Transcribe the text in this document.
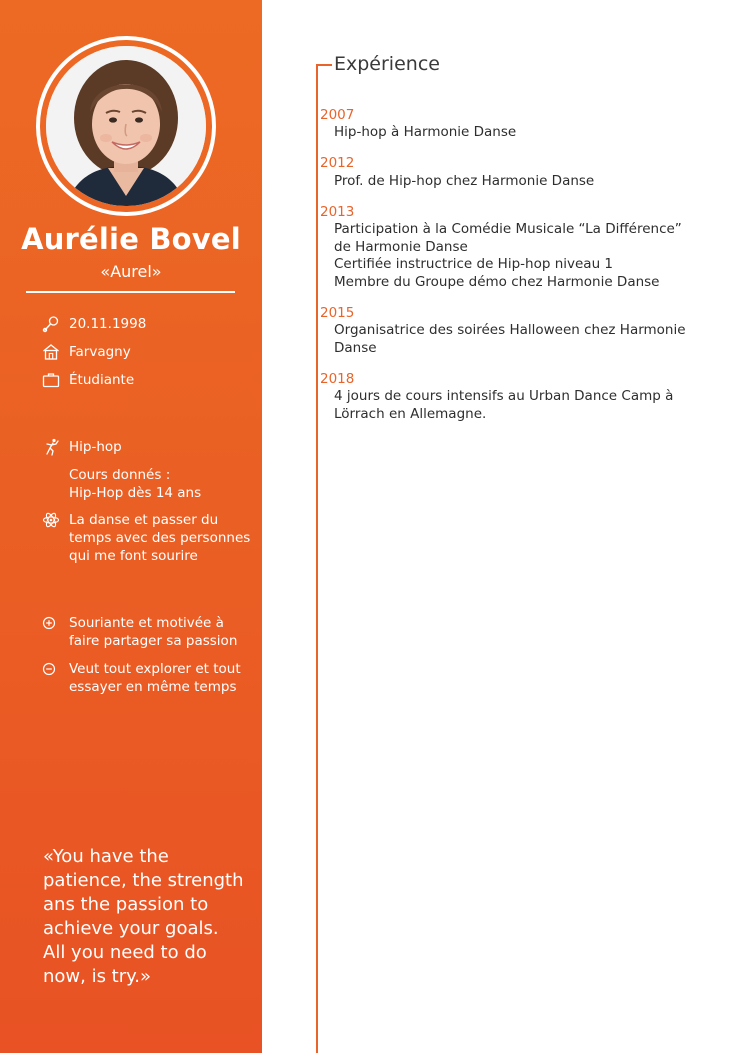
Aurélie Bovel
«Aurel»
20.11.1998
Farvagny
Étudiante
Hip-hop
Cours donnés :
Hip-Hop dès 14 ans
La danse et passer du
temps avec des personnes
qui me font sourire
Souriante et motivée à
faire partager sa passion
Veut tout explorer et tout
essayer en même temps
«You have the
patience, the strength
ans the passion to
achieve your goals.
All you need to do
now, is try.»
Expérience
2007
Hip-hop à Harmonie Danse
2012
Prof. de Hip-hop chez Harmonie Danse
2013
Participation à la Comédie Musicale “La Différence”
de Harmonie Danse
Certifiée instructrice de Hip-hop niveau 1
Membre du Groupe démo chez Harmonie Danse
2015
Organisatrice des soirées Halloween chez Harmonie
Danse
2018
4 jours de cours intensifs au Urban Dance Camp à
Lörrach en Allemagne.
